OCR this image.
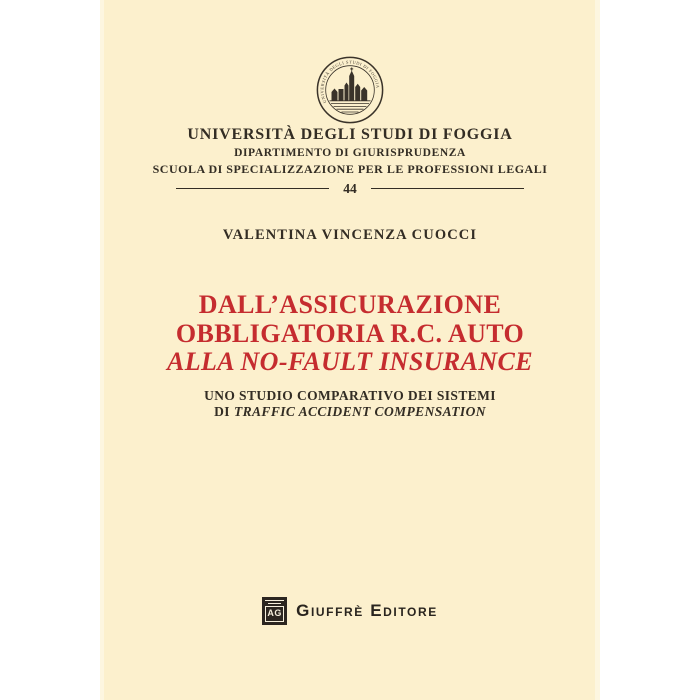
UNIVERSITÀ DEGLI STUDI DI FOGGIA
UNIVERSITÀ DEGLI STUDI DI FOGGIA
DIPARTIMENTO DI GIURISPRUDENZA
SCUOLA DI SPECIALIZZAZIONE PER LE PROFESSIONI LEGALI
44
VALENTINA VINCENZA CUOCCI
DALL’ASSICURAZIONE
OBBLIGATORIA R.C. AUTO
ALLA NO-FAULT INSURANCE
UNO STUDIO COMPARATIVO DEI SISTEMI
DI TRAFFIC ACCIDENT COMPENSATION
AG Giuffrè Editore
